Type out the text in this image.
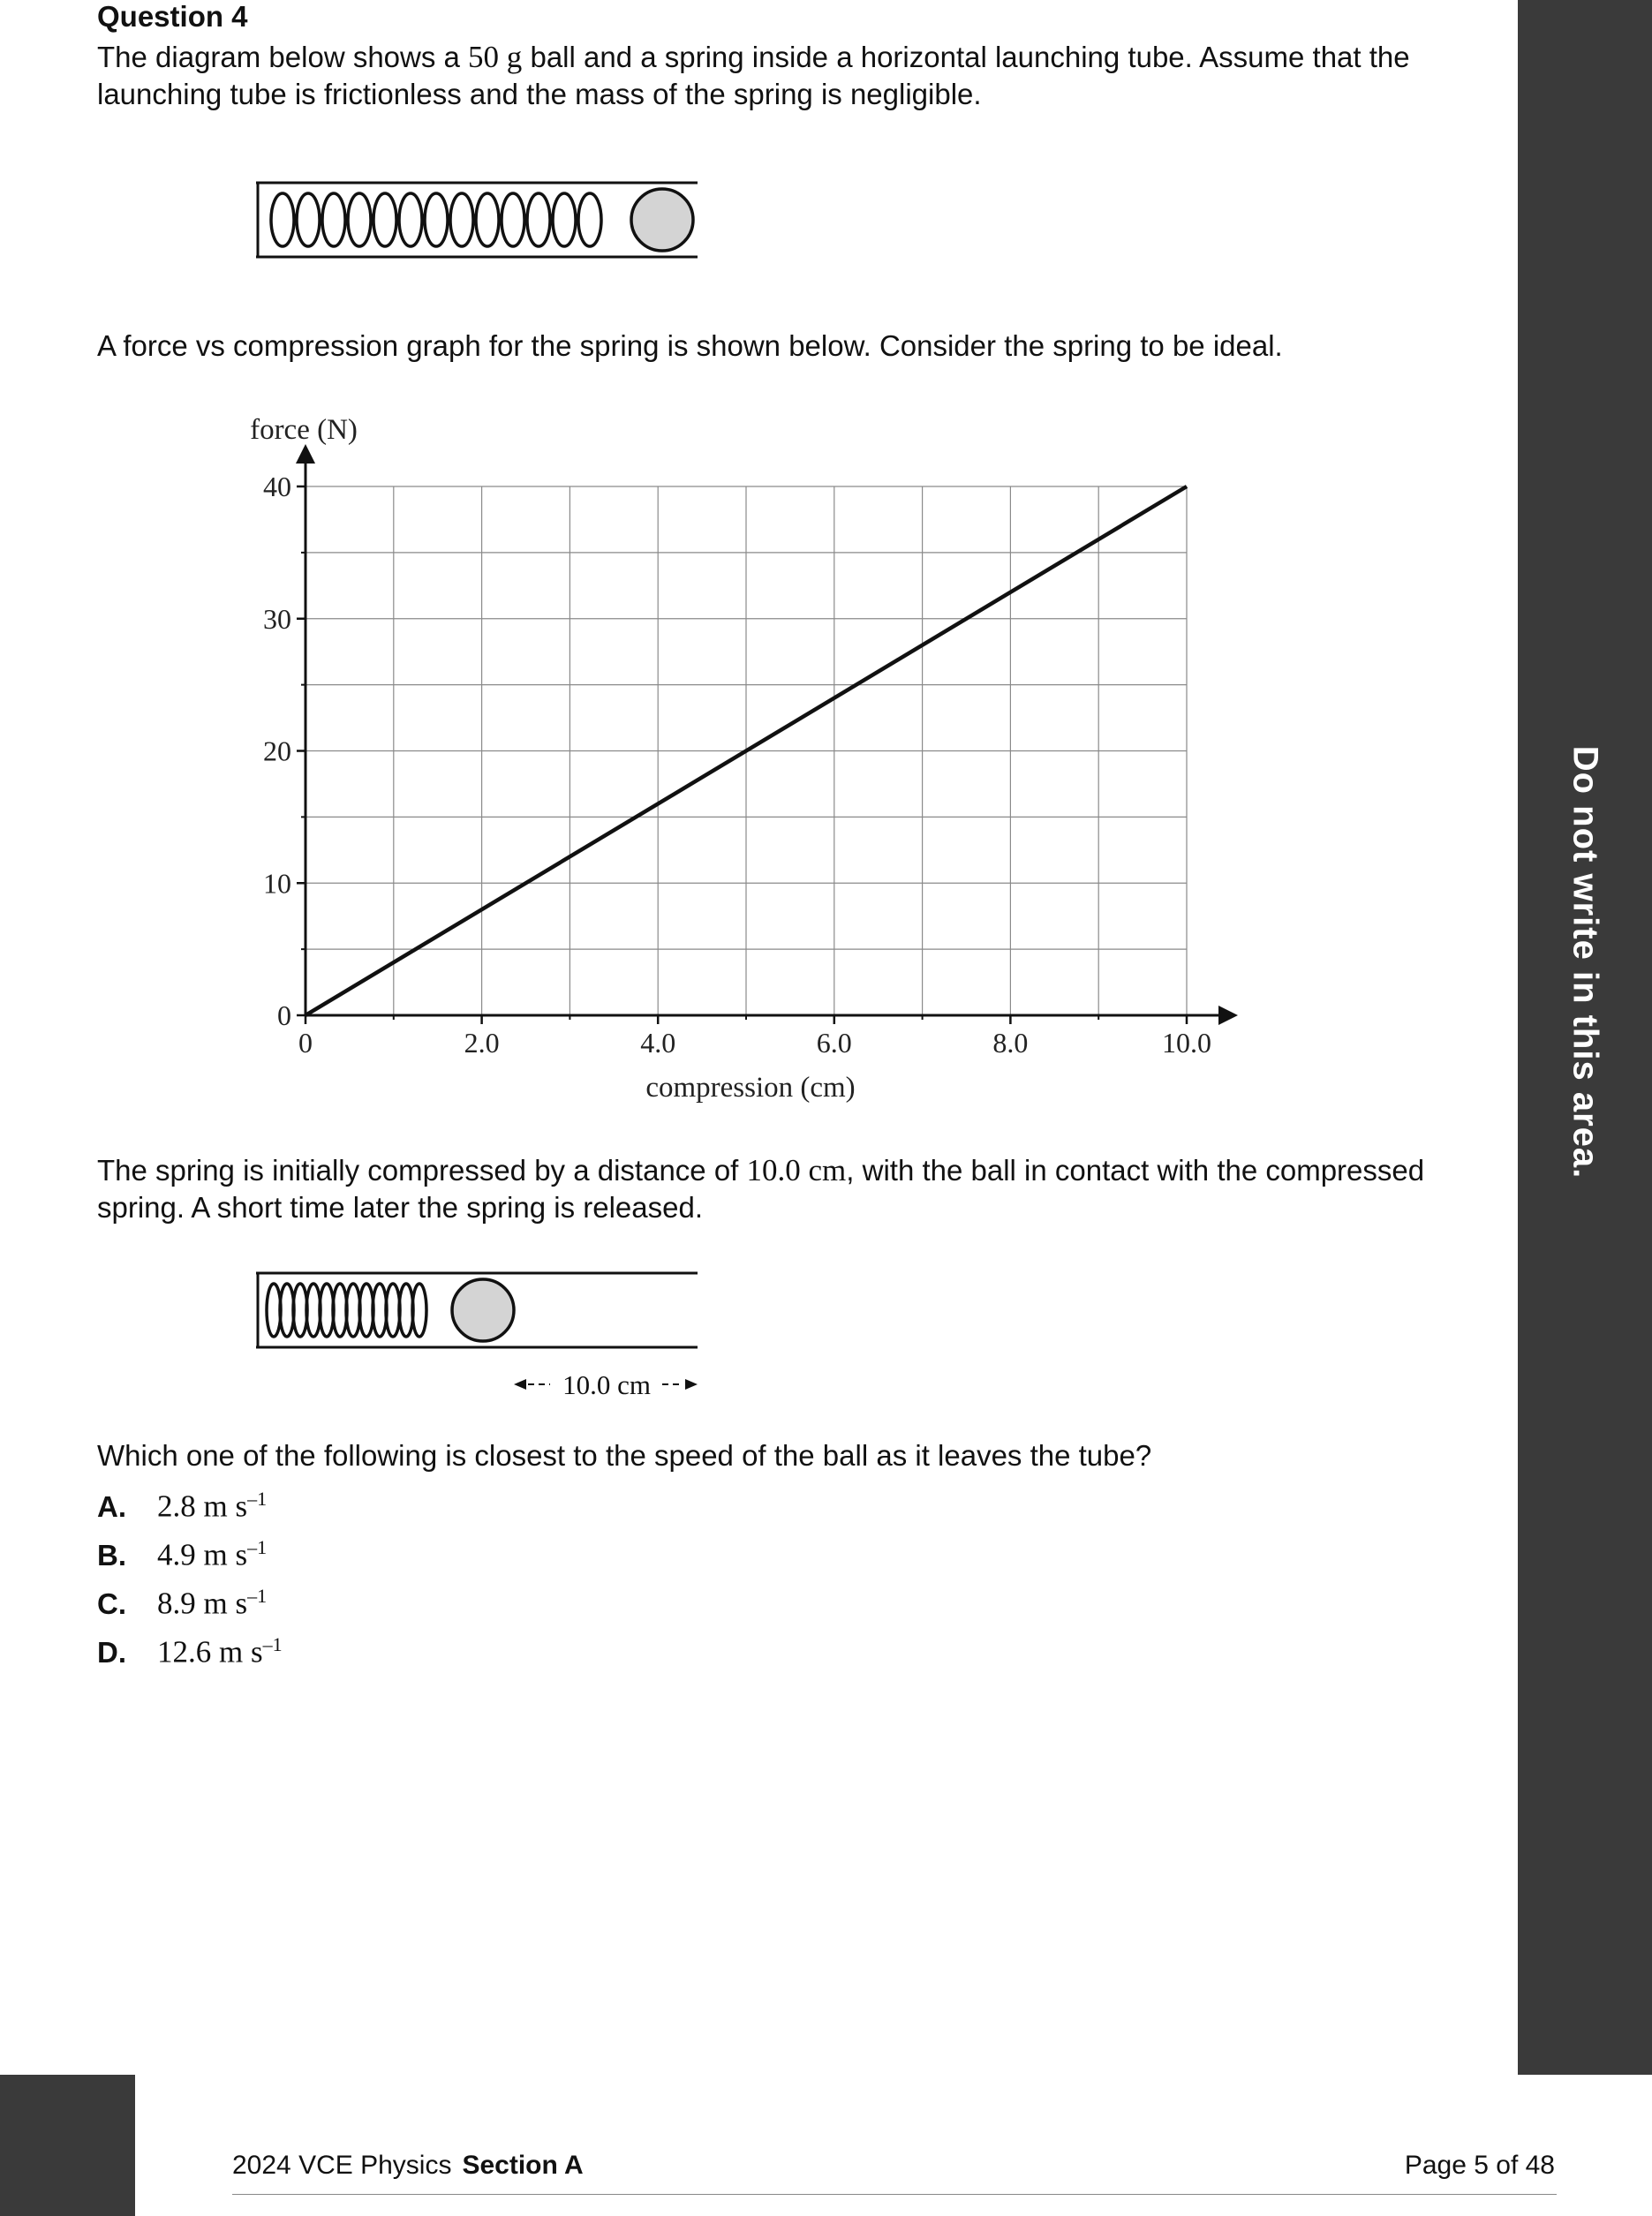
Do not write in this area.
Question 4
The diagram below shows a 50 g ball and a spring inside a horizontal launching tube. Assume that the launching tube is frictionless and the mass of the spring is negligible.
A force vs compression graph for the spring is shown below. Consider the spring to be ideal.
0
10
20
30
40
0	2.0	4.0	6.0	8.0	10.0
force (N)
compression (cm)
The spring is initially compressed by a distance of 10.0 cm, with the ball in contact with the compressed spring. A short time later the spring is released.
10.0 cm
Which one of the following is closest to the speed of the ball as it leaves the tube?
A. 2.8 m $s^{-1}$
B. 4.9 m $s^{-1}$
C. 8.9 m $s^{-1}$
D. 12.6 m $s^{-1}$
2024 VCE Physics Section A	Page 5 of 48
